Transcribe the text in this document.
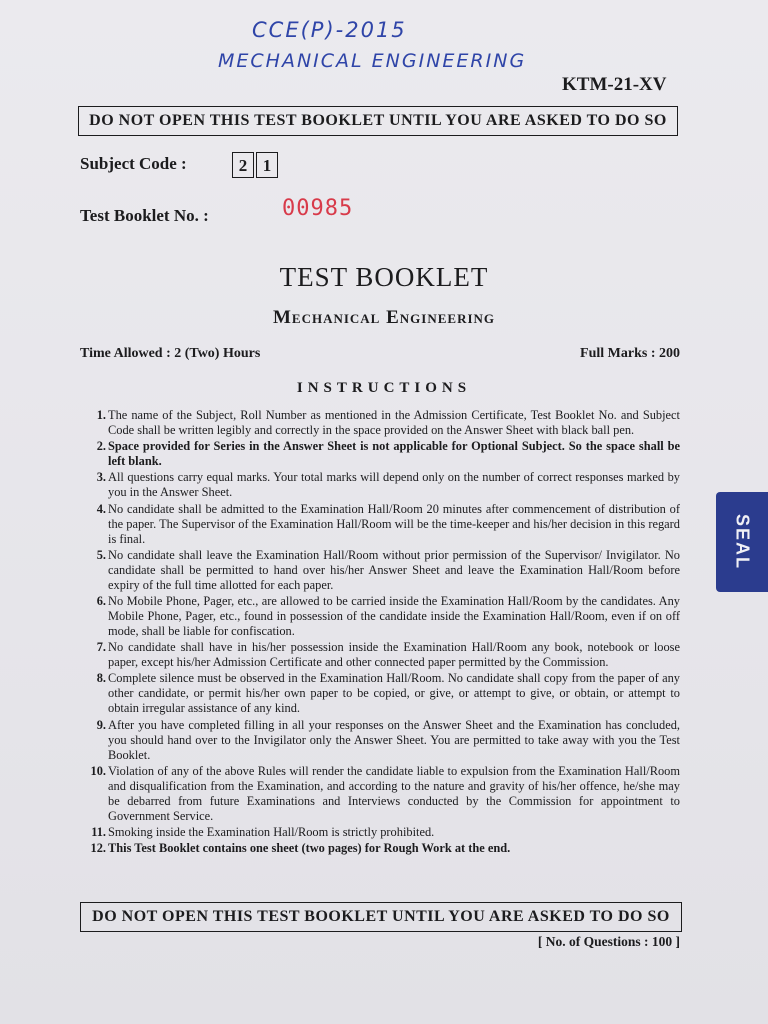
CCE(P)-2015
MECHANICAL ENGINEERING
KTM-21-XV
DO NOT OPEN THIS TEST BOOKLET UNTIL YOU ARE ASKED TO DO SO
Subject Code :	2 1
Test Booklet No. :	00985
TEST BOOKLET
Mechanical Engineering
Time Allowed : 2 (Two) Hours	Full Marks : 200
INSTRUCTIONS
1. The name of the Subject, Roll Number as mentioned in the Admission Certificate, Test Booklet No. and Subject Code shall be written legibly and correctly in the space provided on the Answer Sheet with black ball pen.
2. Space provided for Series in the Answer Sheet is not applicable for Optional Subject. So the space shall be left blank.
3. All questions carry equal marks. Your total marks will depend only on the number of correct responses marked by you in the Answer Sheet.
4. No candidate shall be admitted to the Examination Hall/Room 20 minutes after commencement of distribution of the paper. The Supervisor of the Examination Hall/Room will be the time-keeper and his/her decision in this regard is final.
5. No candidate shall leave the Examination Hall/Room without prior permission of the Supervisor/ Invigilator. No candidate shall be permitted to hand over his/her Answer Sheet and leave the Examination Hall/Room before expiry of the full time allotted for each paper.
6. No Mobile Phone, Pager, etc., are allowed to be carried inside the Examination Hall/Room by the candidates. Any Mobile Phone, Pager, etc., found in possession of the candidate inside the Examination Hall/Room, even if on off mode, shall be liable for confiscation.
7. No candidate shall have in his/her possession inside the Examination Hall/Room any book, notebook or loose paper, except his/her Admission Certificate and other connected paper permitted by the Commission.
8. Complete silence must be observed in the Examination Hall/Room. No candidate shall copy from the paper of any other candidate, or permit his/her own paper to be copied, or give, or attempt to give, or obtain, or attempt to obtain irregular assistance of any kind.
9. After you have completed filling in all your responses on the Answer Sheet and the Examination has concluded, you should hand over to the Invigilator only the Answer Sheet. You are permitted to take away with you the Test Booklet.
10. Violation of any of the above Rules will render the candidate liable to expulsion from the Examination Hall/Room and disqualification from the Examination, and according to the nature and gravity of his/her offence, he/she may be debarred from future Examinations and Interviews conducted by the Commission for appointment to Government Service.
11. Smoking inside the Examination Hall/Room is strictly prohibited.
12. This Test Booklet contains one sheet (two pages) for Rough Work at the end.
DO NOT OPEN THIS TEST BOOKLET UNTIL YOU ARE ASKED TO DO SO
[ No. of Questions : 100 ]
SEAL
